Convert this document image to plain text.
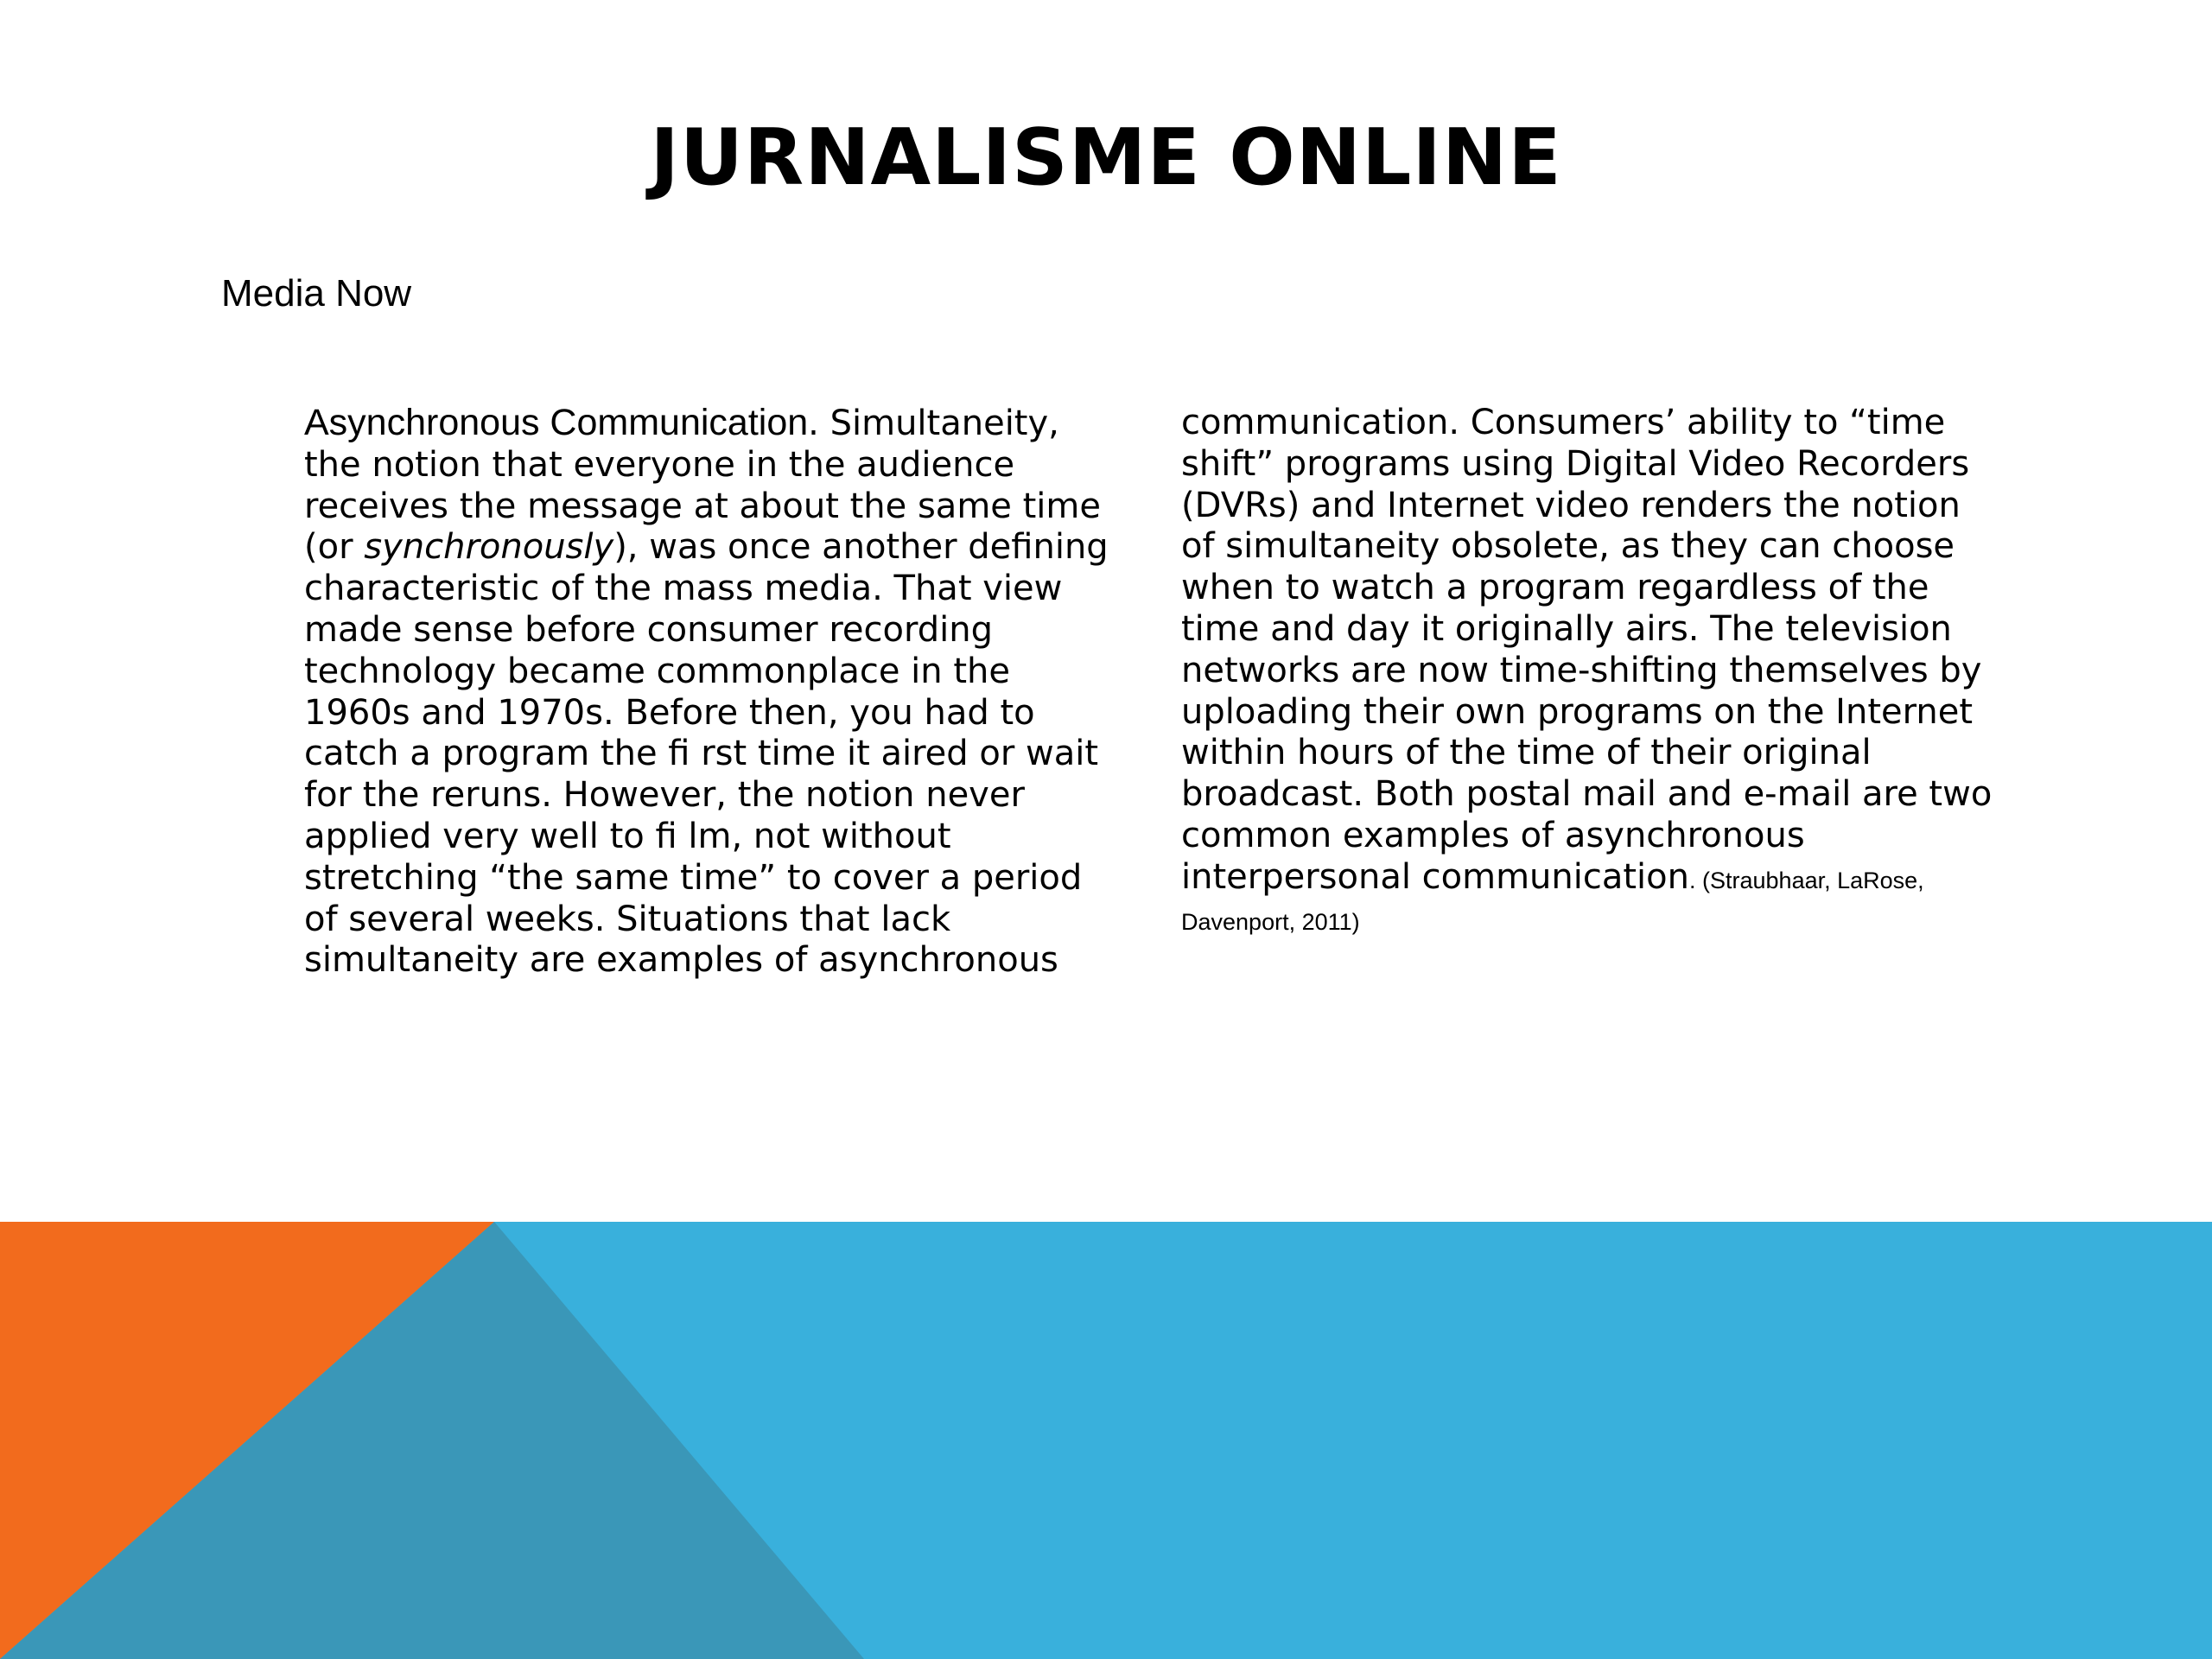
JURNALISME ONLINE
Media Now

Asynchronous Communication. Simultaneity, the notion that everyone in the audience receives the message at about the same time (or synchronously), was once another defining characteristic of the mass media. That view made sense before consumer recording technology became commonplace in the 1960s and 1970s. Before then, you had to catch a program the fi rst time it aired or wait for the reruns. However, the notion never applied very well to fi lm, not without stretching “the same time” to cover a period of several weeks. Situations that lack simultaneity are examples of asynchronous communication. Consumers’ ability to “time shift” programs using Digital Video Recorders (DVRs) and Internet video renders the notion of simultaneity obsolete, as they can choose when to watch a program regardless of the time and day it originally airs. The television networks are now time-shifting themselves by uploading their own programs on the Internet within hours of the time of their original broadcast. Both postal mail and e-mail are two common examples of asynchronous interpersonal communication. (Straubhaar, LaRose, Davenport, 2011)
